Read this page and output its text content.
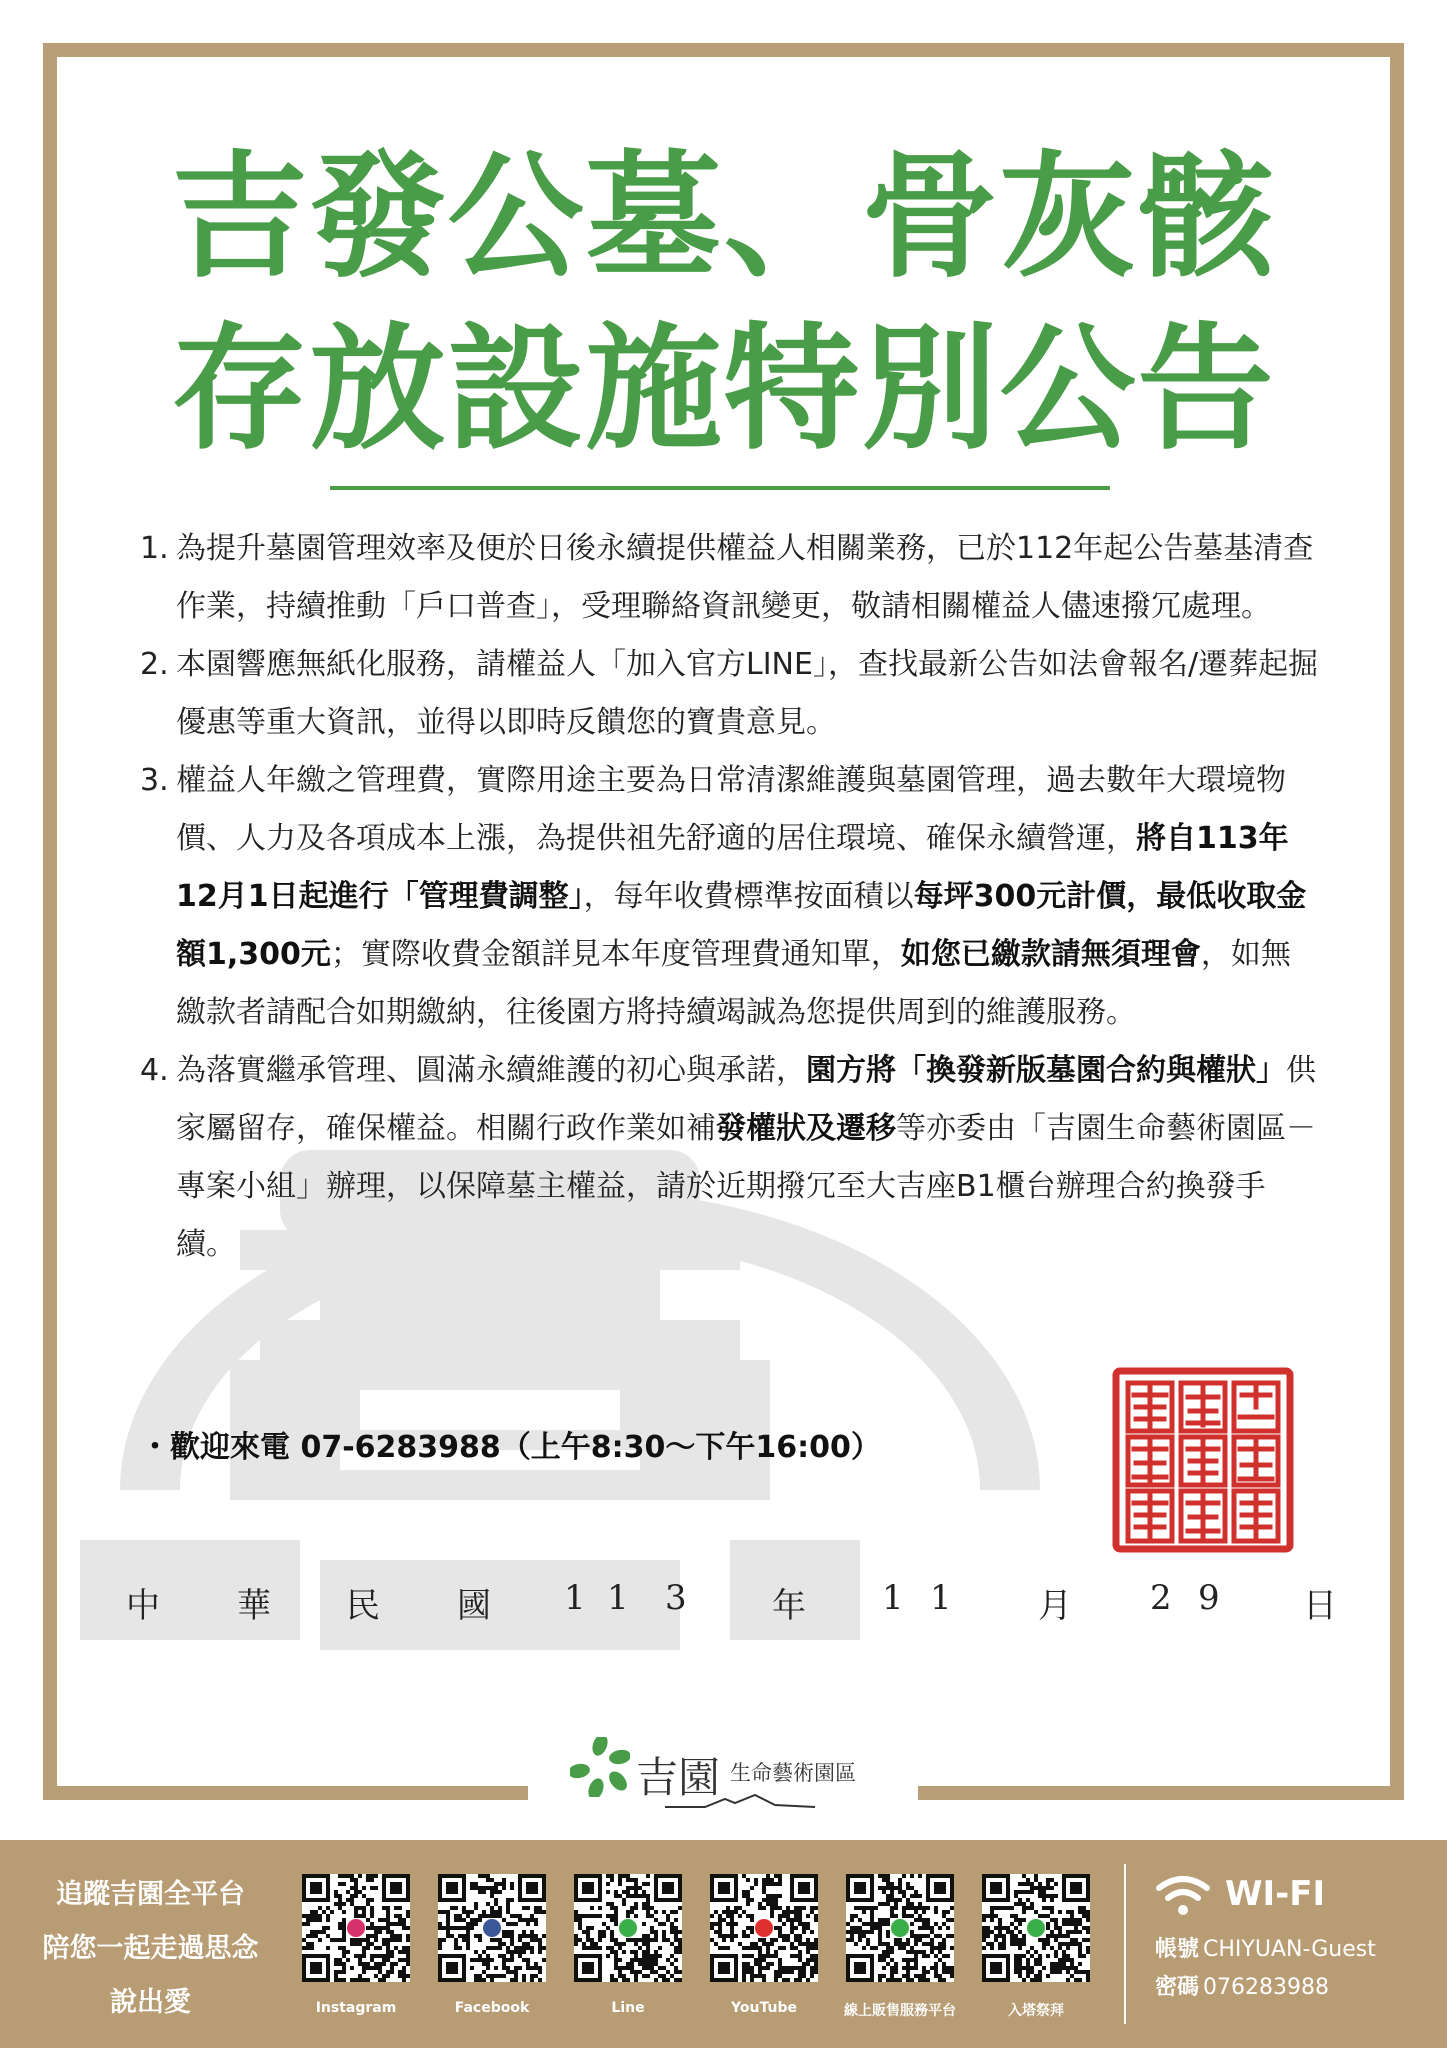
吉發公墓、骨灰骸
存放設施特別公告

1. 為提升墓園管理效率及便於日後永續提供權益人相關業務，已於112年起公告墓基清查作業，持續推動「戶口普查」，受理聯絡資訊變更，敬請相關權益人儘速撥冗處理。

2. 本園響應無紙化服務，請權益人「加入官方LINE」，查找最新公告如法會報名/遷葬起掘優惠等重大資訊，並得以即時反饋您的寶貴意見。

3. 權益人年繳之管理費，實際用途主要為日常清潔維護與墓園管理，過去數年大環境物價、人力及各項成本上漲，為提供祖先舒適的居住環境、確保永續營運，將自113年12月1日起進行「管理費調整」，每年收費標準按面積以每坪300元計價，最低收取金額1,300元；實際收費金額詳見本年度管理費通知單，如您已繳款請無須理會，如無繳款者請配合如期繳納，往後園方將持續竭誠為您提供周到的維護服務。

4. 為落實繼承管理、圓滿永續維護的初心與承諾，園方將「換發新版墓園合約與權狀」供家屬留存，確保權益。相關行政作業如補發權狀及遷移等亦委由「吉園生命藝術園區－專案小組」辦理，以保障墓主權益，請於近期撥冗至大吉座B1櫃台辦理合約換發手續。

・歡迎來電 07-6283988（上午8:30～下午16:00）
中 華 民 國 1 1 3	年 1 1	月 2 9 日
吉園 生命藝術園區
追蹤吉園全平台
陪您一起走過思念
說出愛	Instagram	Facebook	Line	YouTube	線上販售服務平台	入塔祭拜
WI-FI
帳號 CHIYUAN-Guest
密碼 076283988
